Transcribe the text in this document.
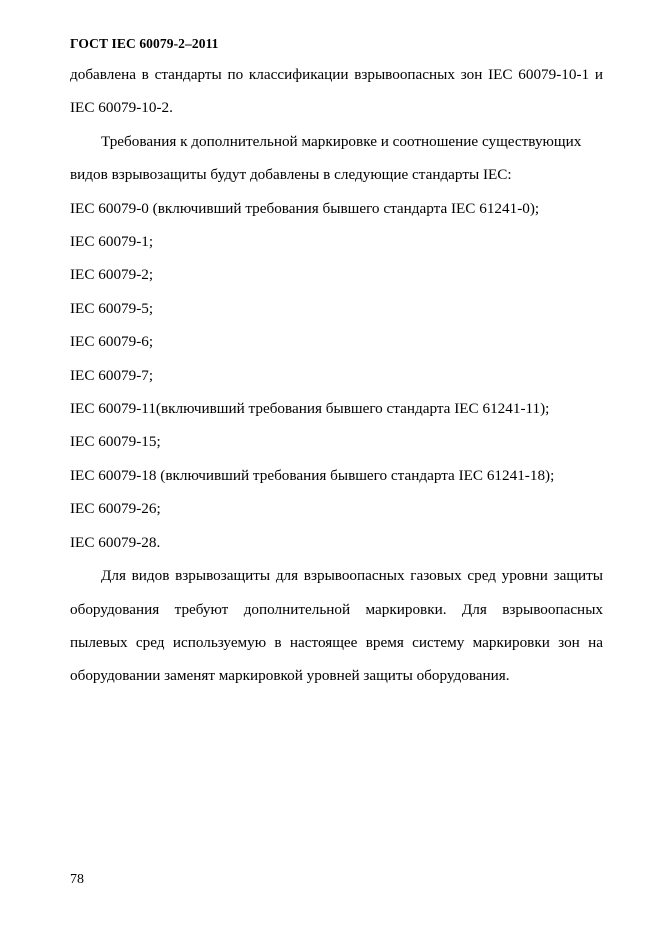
ГОСТ IEC 60079-2–2011
добавлена в стандарты по классификации взрывоопасных зон IEC 60079-10-1 и
IEC 60079-10-2.
Требования к дополнительной маркировке и соотношение существующих
видов взрывозащиты будут добавлены в следующие стандарты IEC:
IEC 60079-0 (включивший требования бывшего стандарта IEC 61241-0);
IEC 60079-1;
IEC 60079-2;
IEC 60079-5;
IEC 60079-6;
IEC 60079-7;
IEC 60079-11(включивший требования бывшего стандарта IEC 61241-11);
IEC 60079-15;
IEC 60079-18 (включивший требования бывшего стандарта IEC 61241-18);
IEC 60079-26;
IEC 60079-28.
Для видов взрывозащиты для взрывоопасных газовых сред уровни защиты
оборудования требуют дополнительной маркировки. Для взрывоопасных
пылевых сред используемую в настоящее время систему маркировки зон на
оборудовании заменят маркировкой уровней защиты оборудования.
78
